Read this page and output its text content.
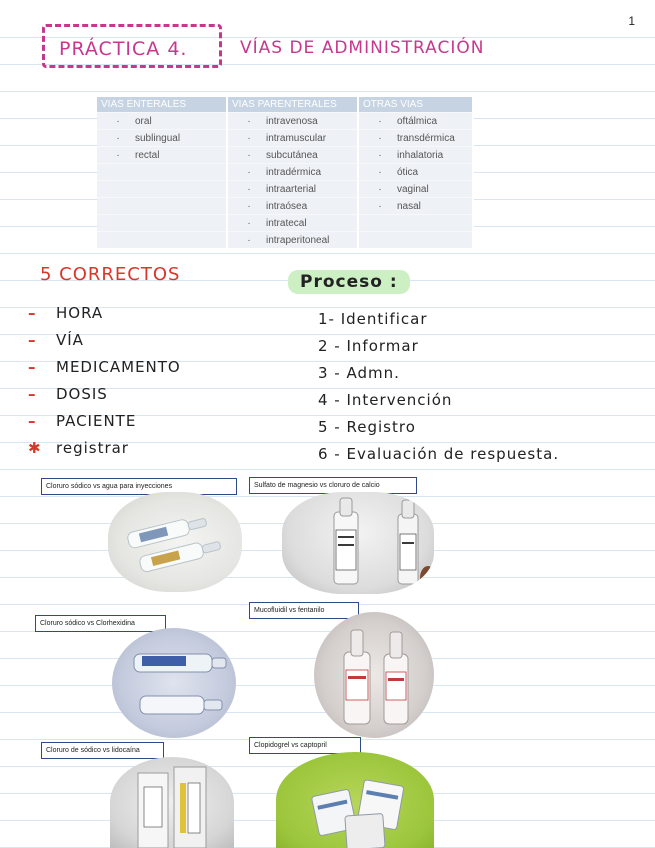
1
PRÁCTICA 4.	VÍAS DE ADMINISTRACIÓN
VIAS ENTERALES	VIAS PARENTERALES	OTRAS VIAS
· oral	· intravenosa	· oftálmica
· sublingual	· intramuscular	· transdérmica
· rectal	· subcutánea	· inhalatoria
	· intradérmica	· ótica
	· intraarterial	· vaginal
	· intraósea	· nasal
	· intratecal	
	· intraperitoneal	
5 CORRECTOS
– HORA
– VÍA
– MEDICAMENTO
– DOSIS
– PACIENTE
✱ registrar
Proceso :
1- Identificar
2 - Informar
3 - Admn.
4 - Intervención
5 - Registro
6 - Evaluación de respuesta.
Cloruro sódico vs agua para inyecciones	Sulfato de magnesio vs cloruro de calcio
Cloruro sódico vs Clorhexidina
Mucofluidil vs fentanilo
Cloruro de sódico vs lidocaína
Clopidogrel vs captopril
